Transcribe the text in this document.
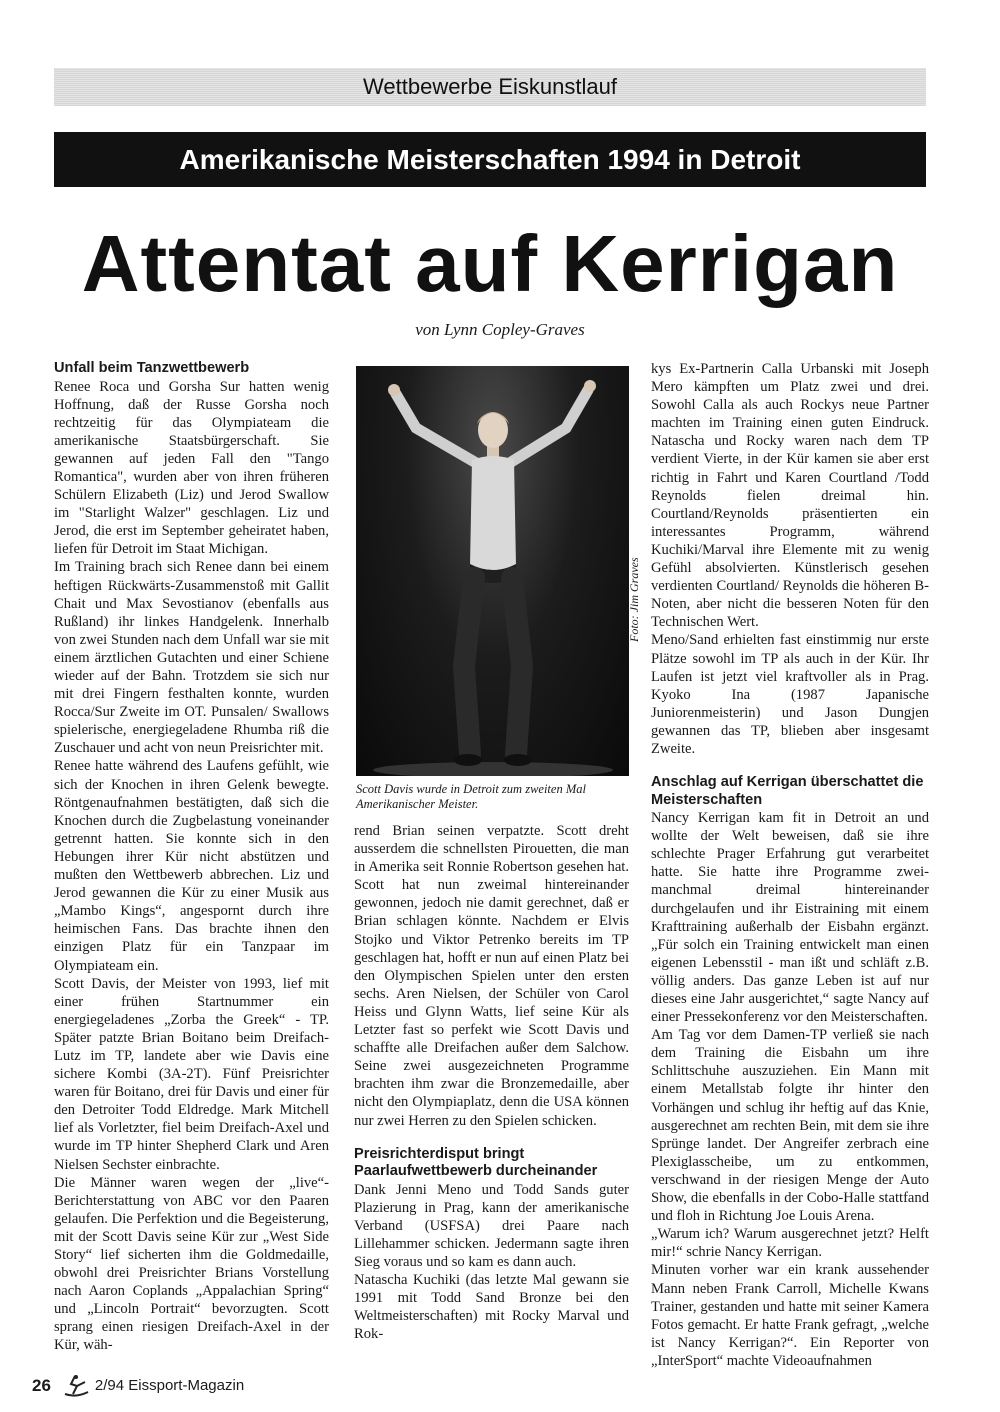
Wettbewerbe Eiskunstlauf
Amerikanische Meisterschaften 1994 in Detroit
Attentat auf Kerrigan
von Lynn Copley-Graves
Unfall beim Tanzwettbewerb

Renee Roca und Gorsha Sur hatten wenig Hoffnung, daß der Russe Gorsha noch rechtzeitig für das Olympiateam die amerikanische Staatsbürgerschaft. Sie gewannen auf jeden Fall den "Tango Romantica", wurden aber von ihren früheren Schülern Elizabeth (Liz) und Jerod Swallow im "Starlight Walzer" geschlagen. Liz und Jerod, die erst im September geheiratet haben, liefen für Detroit im Staat Michigan.

Im Training brach sich Renee dann bei einem heftigen Rückwärts-Zusammenstoß mit Gallit Chait und Max Sevostianov (ebenfalls aus Rußland) ihr linkes Handgelenk. Innerhalb von zwei Stunden nach dem Unfall war sie mit einem ärztlichen Gutachten und einer Schiene wieder auf der Bahn. Trotzdem sie sich nur mit drei Fingern festhalten konnte, wurden Rocca/Sur Zweite im OT. Punsalen/ Swallows spielerische, energiegeladene Rhumba riß die Zuschauer und acht von neun Preisrichter mit.

Renee hatte während des Laufens gefühlt, wie sich der Knochen in ihren Gelenk bewegte. Röntgenaufnahmen bestätigten, daß sich die Knochen durch die Zugbelastung voneinander getrennt hatten. Sie konnte sich in den Hebungen ihrer Kür nicht abstützen und mußten den Wettbewerb abbrechen. Liz und Jerod gewannen die Kür zu einer Musik aus „Mambo Kings“, angespornt durch ihre heimischen Fans. Das brachte ihnen den einzigen Platz für ein Tanzpaar im Olympiateam ein.

Scott Davis, der Meister von 1993, lief mit einer frühen Startnummer ein energiegeladenes „Zorba the Greek“ - TP. Später patzte Brian Boitano beim Dreifach-Lutz im TP, landete aber wie Davis eine sichere Kombi (3A-2T). Fünf Preisrichter waren für Boitano, drei für Davis und einer für den Detroiter Todd Eldredge. Mark Mitchell lief als Vorletzter, fiel beim Dreifach-Axel und wurde im TP hinter Shepherd Clark und Aren Nielsen Sechster einbrachte.

Die Männer waren wegen der „live“-Berichterstattung von ABC vor den Paaren gelaufen. Die Perfektion und die Begeisterung, mit der Scott Davis seine Kür zur „West Side Story“ lief sicherten ihm die Goldmedaille, obwohl drei Preisrichter Brians Vorstellung nach Aaron Coplands „Appalachian Spring“ und „Lincoln Portrait“ bevorzugten. Scott sprang einen riesigen Dreifach-Axel in der Kür, wäh-

Foto: Jim Graves
Scott Davis wurde in Detroit zum zweiten Mal Amerikanischer Meister.

rend Brian seinen verpatzte. Scott dreht ausserdem die schnellsten Pirouetten, die man in Amerika seit Ronnie Robertson gesehen hat. Scott hat nun zweimal hintereinander gewonnen, jedoch nie damit gerechnet, daß er Brian schlagen könnte. Nachdem er Elvis Stojko und Viktor Petrenko bereits im TP geschlagen hat, hofft er nun auf einen Platz bei den Olympischen Spielen unter den ersten sechs. Aren Nielsen, der Schüler von Carol Heiss und Glynn Watts, lief seine Kür als Letzter fast so perfekt wie Scott Davis und schaffte alle Dreifachen außer dem Salchow. Seine zwei ausgezeichneten Programme brachten ihm zwar die Bronzemedaille, aber nicht den Olympiaplatz, denn die USA können nur zwei Herren zu den Spielen schicken.

Preisrichterdisput bringt Paarlaufwettbewerb durcheinander

Dank Jenni Meno und Todd Sands guter Plazierung in Prag, kann der amerikanische Verband (USFSA) drei Paare nach Lillehammer schicken. Jedermann sagte ihren Sieg voraus und so kam es dann auch.

Natascha Kuchiki (das letzte Mal gewann sie 1991 mit Todd Sand Bronze bei den Weltmeisterschaften) mit Rocky Marval und Rok-

kys Ex-Partnerin Calla Urbanski mit Joseph Mero kämpften um Platz zwei und drei. Sowohl Calla als auch Rockys neue Partner machten im Training einen guten Eindruck. Natascha und Rocky waren nach dem TP verdient Vierte, in der Kür kamen sie aber erst richtig in Fahrt und Karen Courtland /Todd Reynolds fielen dreimal hin. Courtland/Reynolds präsentierten ein interessantes Programm, während Kuchiki/Marval ihre Elemente mit zu wenig Gefühl absolvierten. Künstlerisch gesehen verdienten Courtland/ Reynolds die höheren B-Noten, aber nicht die besseren Noten für den Technischen Wert.

Meno/Sand erhielten fast einstimmig nur erste Plätze sowohl im TP als auch in der Kür. Ihr Laufen ist jetzt viel kraftvoller als in Prag. Kyoko Ina (1987 Japanische Juniorenmeisterin) und Jason Dungjen gewannen das TP, blieben aber insgesamt Zweite.

Anschlag auf Kerrigan überschattet die Meisterschaften

Nancy Kerrigan kam fit in Detroit an und wollte der Welt beweisen, daß sie ihre schlechte Prager Erfahrung gut verarbeitet hatte. Sie hatte ihre Programme zwei- manchmal dreimal hintereinander durchgelaufen und ihr Eistraining mit einem Krafttraining außerhalb der Eisbahn ergänzt. „Für solch ein Training entwickelt man einen eigenen Lebensstil - man ißt und schläft z.B. völlig anders. Das ganze Leben ist auf nur dieses eine Jahr ausgerichtet,“ sagte Nancy auf einer Pressekonferenz vor den Meisterschaften.

Am Tag vor dem Damen-TP verließ sie nach dem Training die Eisbahn um ihre Schlittschuhe auszuziehen. Ein Mann mit einem Metallstab folgte ihr hinter den Vorhängen und schlug ihr heftig auf das Knie, ausgerechnet am rechten Bein, mit dem sie ihre Sprünge landet. Der Angreifer zerbrach eine Plexiglasscheibe, um zu entkommen, verschwand in der riesigen Menge der Auto Show, die ebenfalls in der Cobo-Halle stattfand und floh in Richtung Joe Louis Arena.

„Warum ich? Warum ausgerechnet jetzt? Helft mir!“ schrie Nancy Kerrigan.

Minuten vorher war ein krank aussehender Mann neben Frank Carroll, Michelle Kwans Trainer, gestanden und hatte mit seiner Kamera Fotos gemacht. Er hatte Frank gefragt, „welche ist Nancy Kerrigan?“. Ein Reporter von „InterSport“ machte Videoaufnahmen

26	2/94 Eissport-Magazin
